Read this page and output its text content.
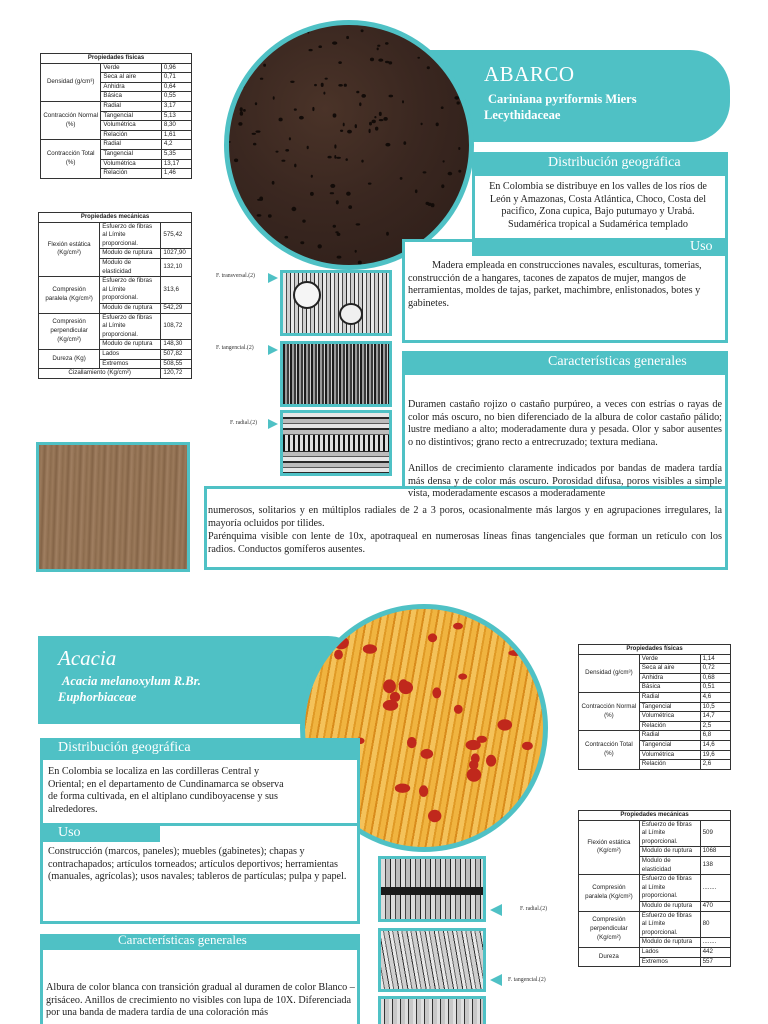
Propiedades físicas		
Densidad (g/cm³)	Verde	0,96
	Seca al aire	0,71
	Anhidra	0,64
	Básica	0,55
Contracción Normal (%)	Radial	3,17
	Tangencial	5,13
	Volumétrica	8,30
	Relación	1,61
Contracción Total (%)	Radial	4,2
	Tangencial	5,35
	Volumétrica	13,17
	Relación	1,46
Propiedades mecánicas		
Flexión estática (Kg/cm²)	Esfuerzo de fibras al Límite proporcional.	575,42
	Modulo de ruptura	1027,90
	Modulo de elasticidad	132,10
Compresión paralela (Kg/cm²)	Esfuerzo de fibras al Límite proporcional.	313,6
	Modulo de ruptura	542,29
Compresión perpendicular (Kg/cm²)	Esfuerzo de fibras al Límite proporcional.	108,72
	Modulo de ruptura	148,30
Dureza (Kg)	Lados	507,82
	Extremos	508,55
Cizallamiento (Kg/cm²)		120,72
ABARCO
Cariniana pyriformis Miers
Lecythidaceae
Distribución geográfica
En Colombia se distribuye en los valles de los ríos de León y Amazonas, Costa Atlántica, Choco, Costa del pacifico, Zona cupica, Bajo putumayo y Urabá. Sudamérica tropical a Sudamérica templado
Uso
Madera empleada en construcciones navales, esculturas, tomerias, construcción de a hangares, tacones de zapatos de mujer, mangos de herramientas, moldes de tajas, parket, machimbre, enlistonados, botes y gabinetes.
Características generales
Duramen castaño rojizo o castaño purpúreo, a veces con estrías o rayas de color más oscuro, no bien diferenciado de la albura de color castaño pálido; lustre mediano a alto; moderadamente dura y pesada. Olor y sabor ausentes o no distintivos; grano recto a entrecruzado; textura mediana.
Anillos de crecimiento claramente indicados por bandas de madera tardía más densa y de color más oscuro. Porosidad difusa, poros visibles a simple vista, moderadamente escasos a moderadamente
numerosos, solitarios y en múltiplos radiales de 2 a 3 poros, ocasionalmente más largos y en agrupaciones irregulares, la mayoría ocluidos por tilides.
Parénquima visible con lente de 10x, apotraqueal en numerosas líneas finas tangenciales que forman un retículo con los radios. Conductos gomíferos ausentes.
F. transversal.(2)
F. tangencial.(2)
F. radial.(2)
Acacia
Acacia melanoxylum R.Br.
Euphorbiaceae
Propiedades físicas		
Densidad (g/cm³)	Verde	1,14
	Seca al aire	0,72
	Anhidra	0,68
	Básica	0,51
Contracción Normal (%)	Radial	4,6
	Tangencial	10,5
	Volumétrica	14,7
	Relación	2,5
Contracción Total (%)	Radial	6,8
	Tangencial	14,6
	Volumétrica	19,6
	Relación	2,6
Propiedades mecánicas		
Flexión estática (Kg/cm²)	Esfuerzo de fibras al Límite proporcional.	509
	Modulo de ruptura	1068
	Modulo de elasticidad	138
Compresión paralela (Kg/cm²)	Esfuerzo de fibras al Límite proporcional.	........
	Modulo de ruptura	470
Compresión perpendicular (Kg/cm²)	Esfuerzo de fibras al Límite proporcional.	80
	Modulo de ruptura	........
Dureza	Lados	442
	Extremos	557
Distribución geográfica
En Colombia se localiza en las cordilleras Central y Oriental; en el departamento de Cundinamarca se observa de forma cultivada, en el altiplano cundiboyacense y sus alrededores.
Uso
Construcción (marcos, paneles); muebles (gabinetes); chapas y contrachapados; artículos torneados; artículos deportivos; herramientas (manuales, agrícolas); usos navales; tableros de partículas; pulpa y papel.
Características generales
Albura de color blanca con transición gradual al duramen de color Blanco –grisáceo. Anillos de crecimiento no visibles con lupa de 10X. Diferenciada por una banda de madera tardía de una coloración más
F. radial.(2)
F. tangencial.(2)
